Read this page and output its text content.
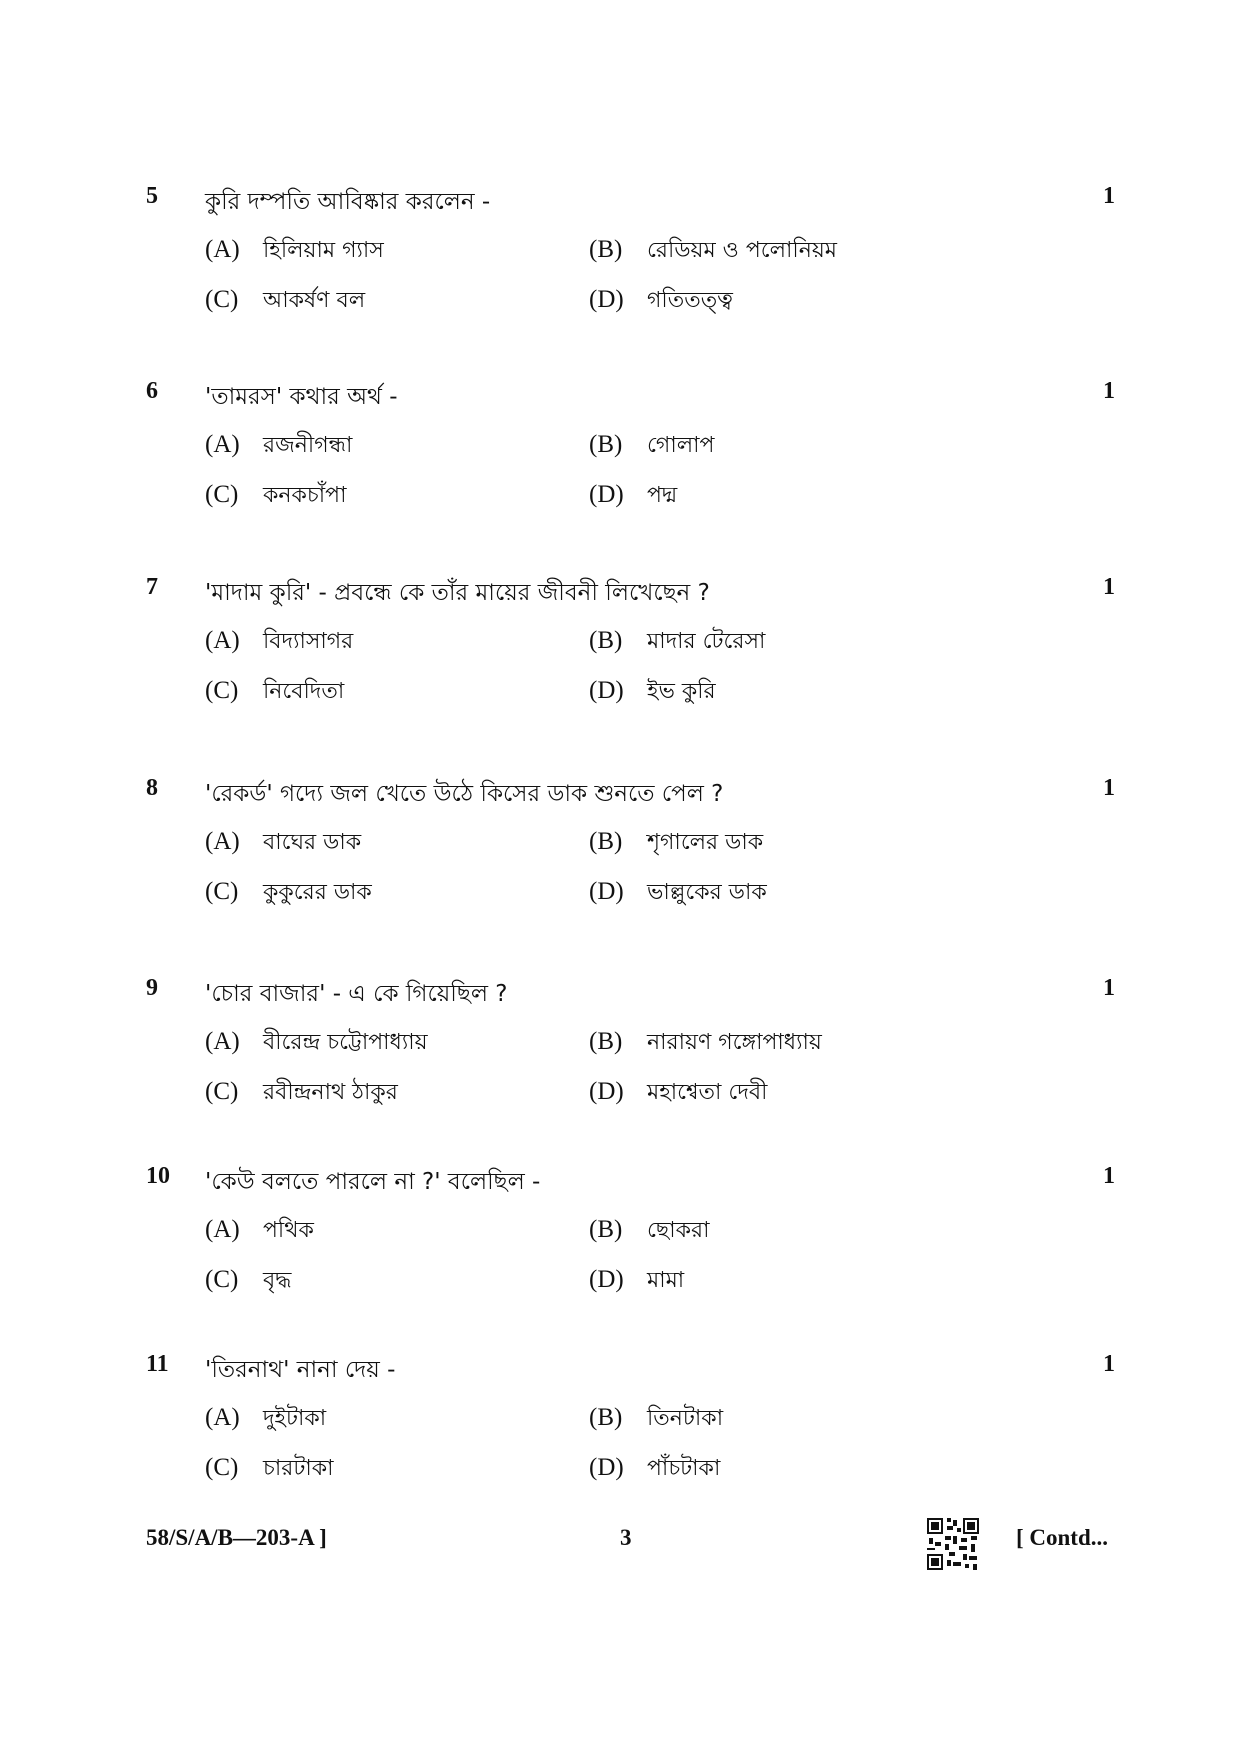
5 কুরি দম্পতি আবিষ্কার করলেন -	1
(A) হিলিয়াম গ্যাস	(B) রেডিয়ম ও পলোনিয়ম
(C) আকর্ষণ বল	(D) গতিতত্ত্ব
6 'তামরস' কথার অর্থ -	1
(A) রজনীগন্ধা	(B) গোলাপ
(C) কনকচাঁপা	(D) পদ্ম
7 'মাদাম কুরি' - প্রবন্ধে কে তাঁর মায়ের জীবনী লিখেছেন ?	1
(A) বিদ্যাসাগর	(B) মাদার টেরেসা
(C) নিবেদিতা	(D) ইভ কুরি
8 'রেকর্ড' গদ্যে জল খেতে উঠে কিসের ডাক শুনতে পেল ?	1
(A) বাঘের ডাক	(B) শৃগালের ডাক
(C) কুকুরের ডাক	(D) ভাল্লুকের ডাক
9 'চোর বাজার' - এ কে গিয়েছিল ?	1
(A) বীরেন্দ্র চট্টোপাধ্যায়	(B) নারায়ণ গঙ্গোপাধ্যায়
(C) রবীন্দ্রনাথ ঠাকুর	(D) মহাশ্বেতা দেবী
10 'কেউ বলতে পারলে না ?' বলেছিল -	1
(A) পথিক	(B) ছোকরা
(C) বৃদ্ধ	(D) মামা
11 'তিরনাথ' নানা দেয় -	1
(A) দুইটাকা	(B) তিনটাকা
(C) চারটাকা	(D) পাঁচটাকা
58/S/A/B—203-A ]	3	[ Contd...
